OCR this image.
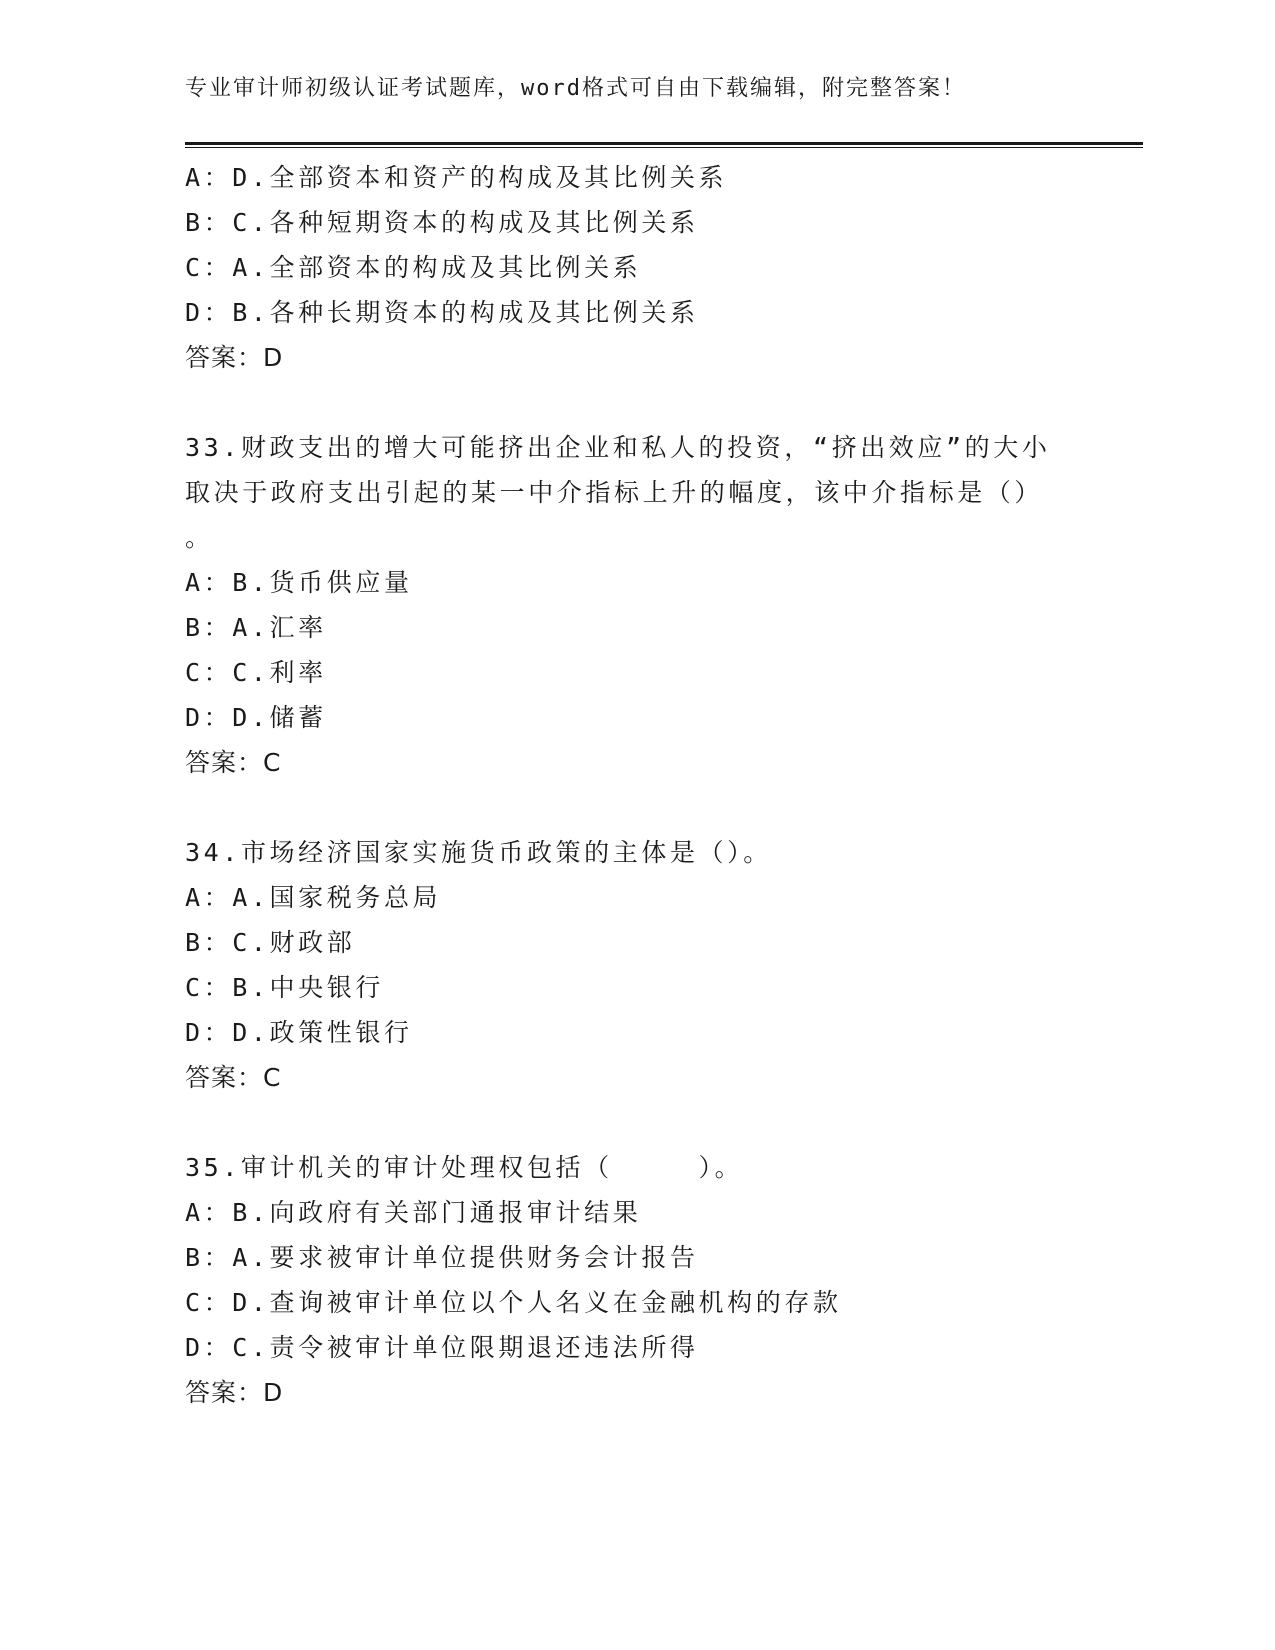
专业审计师初级认证考试题库，word格式可自由下载编辑，附完整答案！
A：D.全部资本和资产的构成及其比例关系
B：C.各种短期资本的构成及其比例关系
C：A.全部资本的构成及其比例关系
D：B.各种长期资本的构成及其比例关系
答案：D
33.财政支出的增大可能挤出企业和私人的投资，“挤出效应”的大小
取决于政府支出引起的某一中介指标上升的幅度，该中介指标是（）
。
A：B.货币供应量
B：A.汇率
C：C.利率
D：D.储蓄
答案：C
34.市场经济国家实施货币政策的主体是（）。
A：A.国家税务总局
B：C.财政部
C：B.中央银行
D：D.政策性银行
答案：C
35.审计机关的审计处理权包括（　　　）。
A：B.向政府有关部门通报审计结果
B：A.要求被审计单位提供财务会计报告
C：D.查询被审计单位以个人名义在金融机构的存款
D：C.责令被审计单位限期退还违法所得
答案：D
